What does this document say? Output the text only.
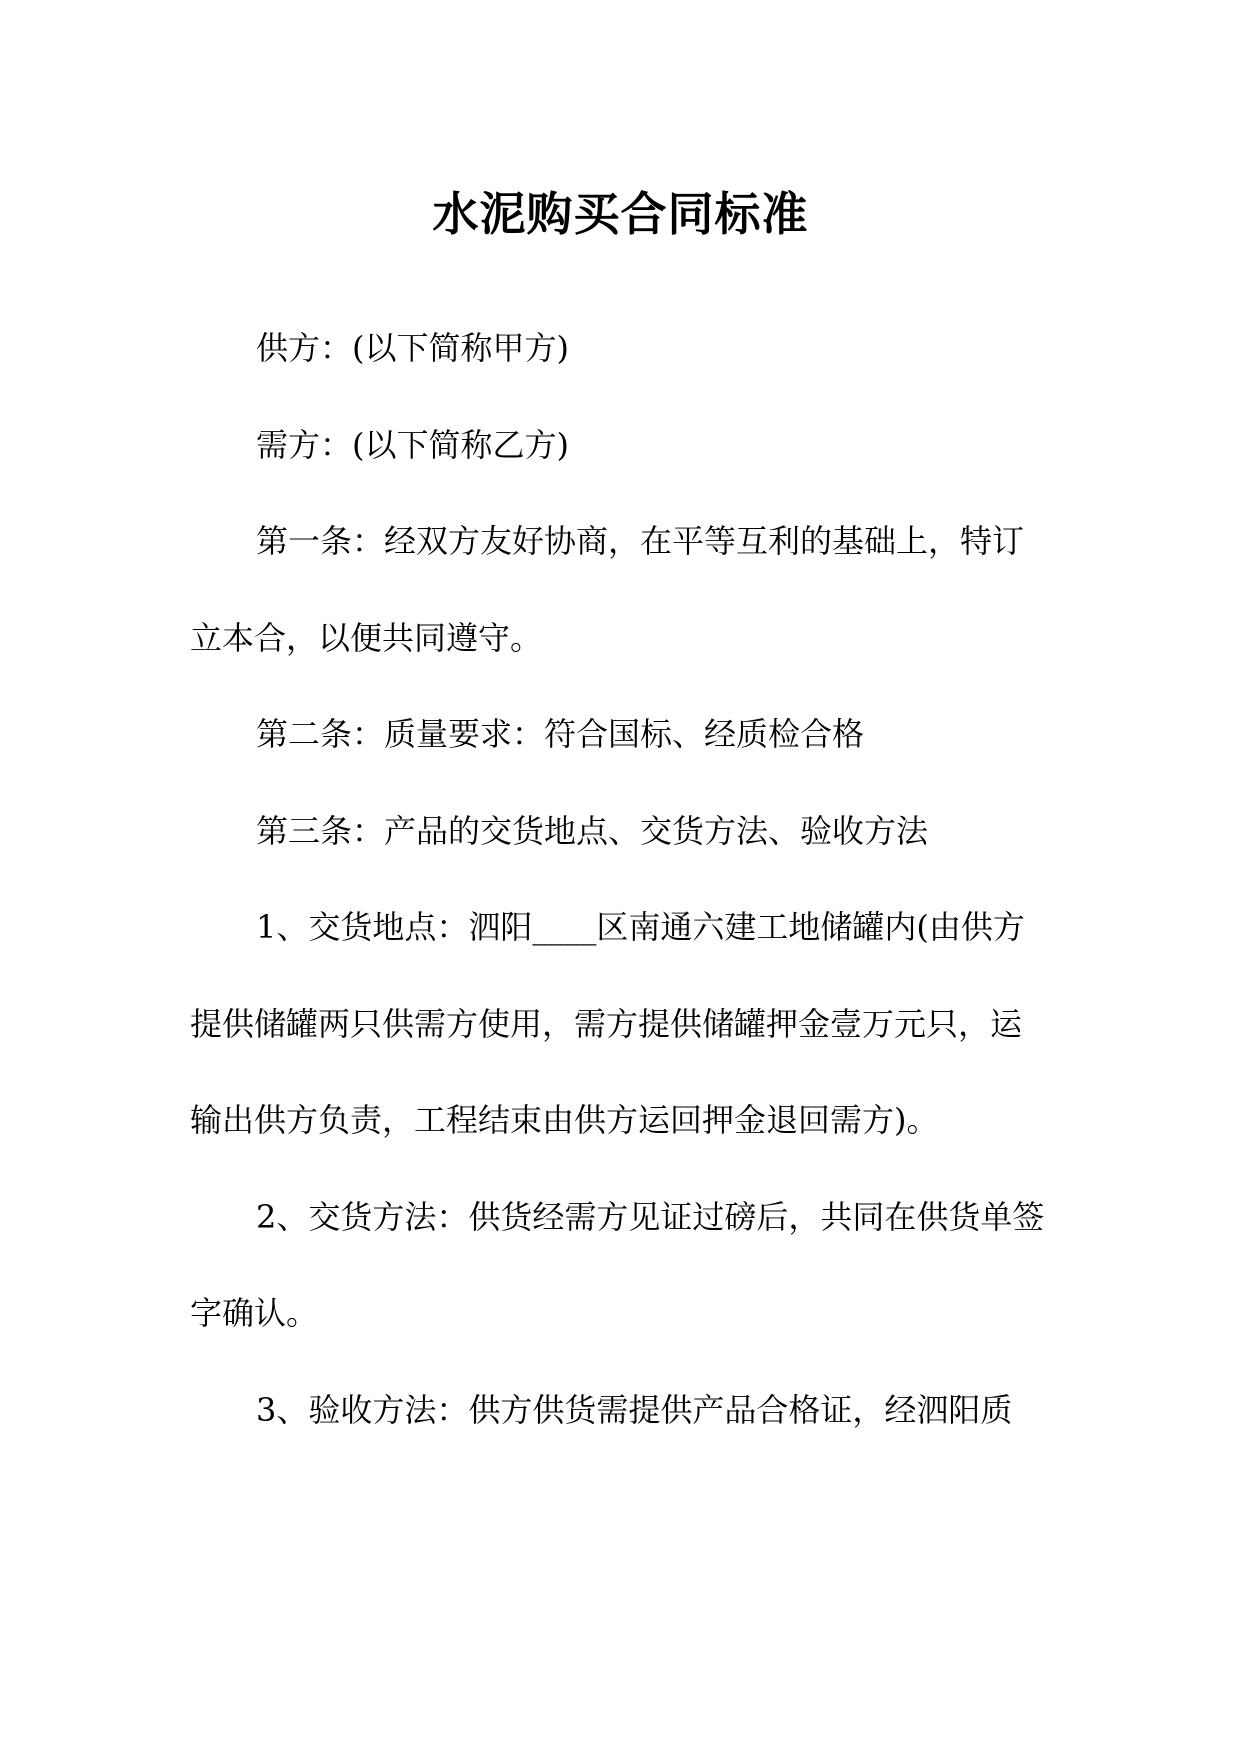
水泥购买合同标准

供方：(以下简称甲方)

需方：(以下简称乙方)

第一条：经双方友好协商，在平等互利的基础上，特订立本合，以便共同遵守。

第二条：质量要求：符合国标、经质检合格

第三条：产品的交货地点、交货方法、验收方法

1、交货地点：泗阳____区南通六建工地储罐内(由供方提供储罐两只供需方使用，需方提供储罐押金壹万元只，运输出供方负责，工程结束由供方运回押金退回需方)。

2、交货方法：供货经需方见证过磅后，共同在供货单签字确认。

3、验收方法：供方供货需提供产品合格证，经泗阳质
